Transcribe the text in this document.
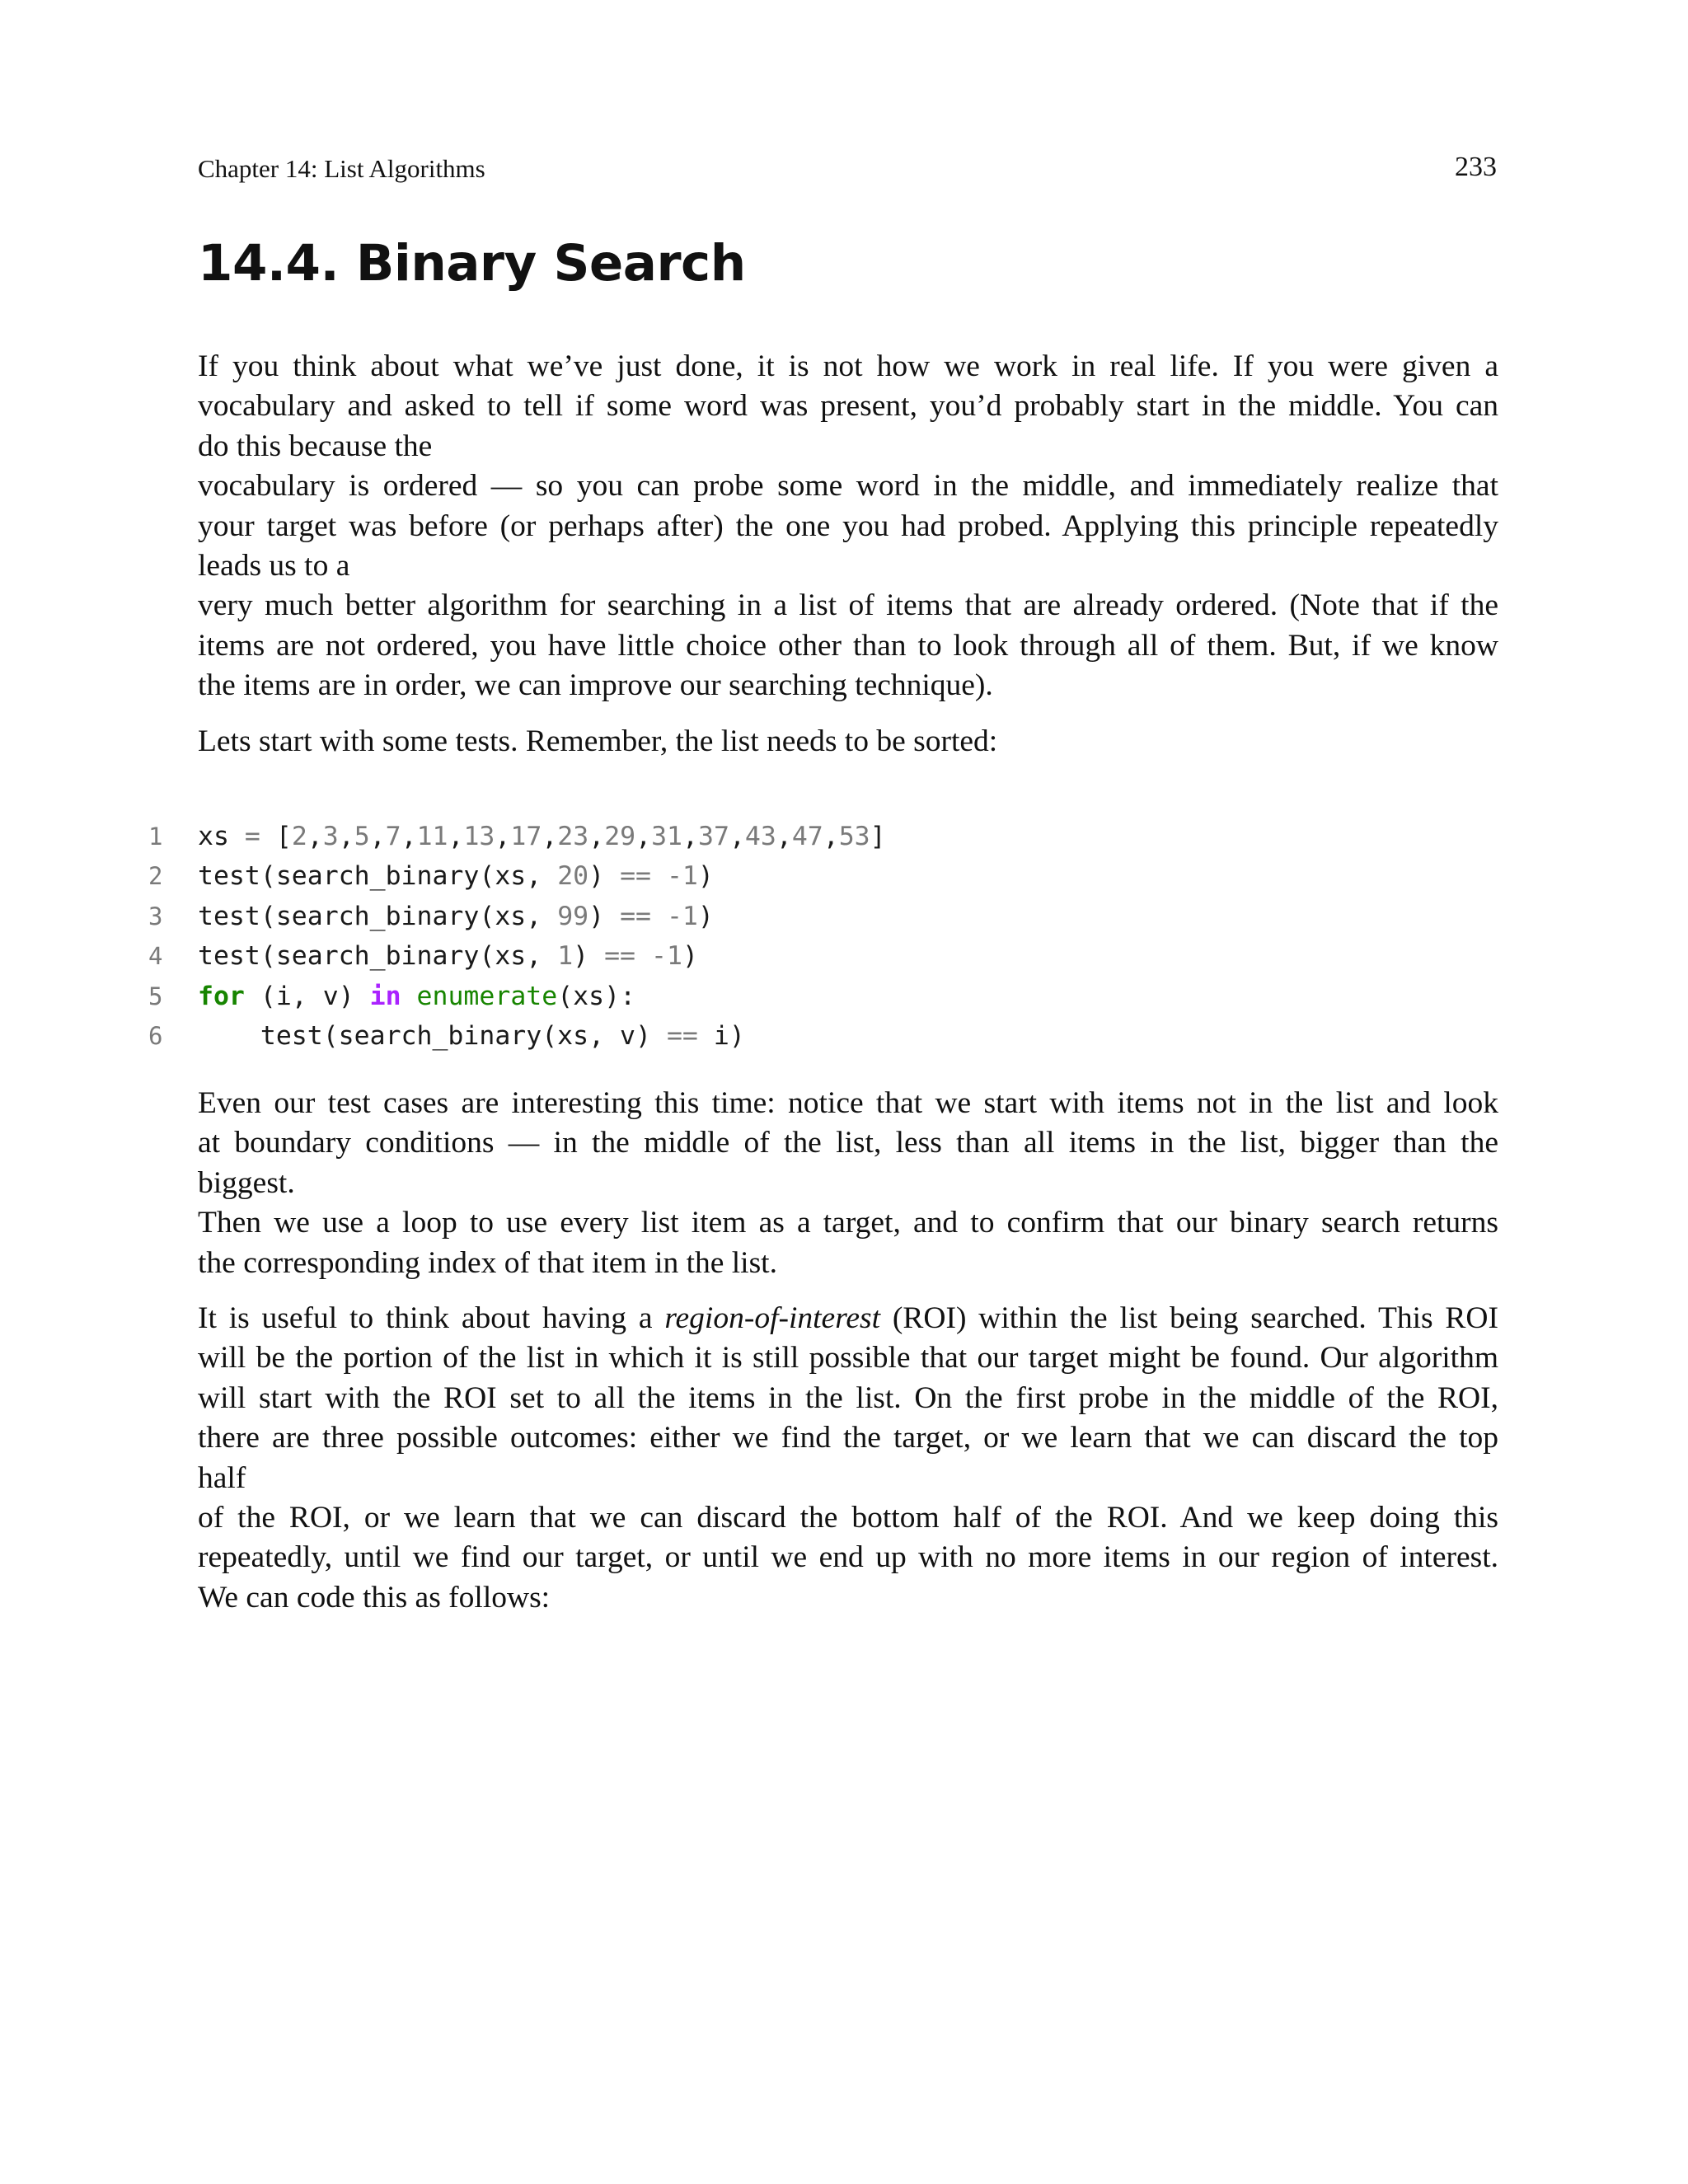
Chapter 14: List Algorithms	233
14.4. Binary Search
If you think about what we’ve just done, it is not how we work in real life. If you were given a
vocabulary and asked to tell if some word was present, you’d probably start in the middle. You can
do this because the
vocabulary is ordered — so you can probe some word in the middle, and immediately realize that
your target was before (or perhaps after) the one you had probed. Applying this principle repeatedly
leads us to a
very much better algorithm for searching in a list of items that are already ordered. (Note that if the
items are not ordered, you have little choice other than to look through all of them. But, if we know
the items are in order, we can improve our searching technique).
Lets start with some tests. Remember, the list needs to be sorted:
1 xs = [2,3,5,7,11,13,17,23,29,31,37,43,47,53]
2 test(search_binary(xs, 20) == -1)
3 test(search_binary(xs, 99) == -1)
4 test(search_binary(xs, 1) == -1)
5 for (i, v) in enumerate(xs):
6    test(search_binary(xs, v) == i)
Even our test cases are interesting this time: notice that we start with items not in the list and look
at boundary conditions — in the middle of the list, less than all items in the list, bigger than the
biggest.
Then we use a loop to use every list item as a target, and to confirm that our binary search returns
the corresponding index of that item in the list.
It is useful to think about having a region-of-interest (ROI) within the list being searched. This ROI
will be the portion of the list in which it is still possible that our target might be found. Our algorithm
will start with the ROI set to all the items in the list. On the first probe in the middle of the ROI,
there are three possible outcomes: either we find the target, or we learn that we can discard the top
half
of the ROI, or we learn that we can discard the bottom half of the ROI. And we keep doing this
repeatedly, until we find our target, or until we end up with no more items in our region of interest.
We can code this as follows:
